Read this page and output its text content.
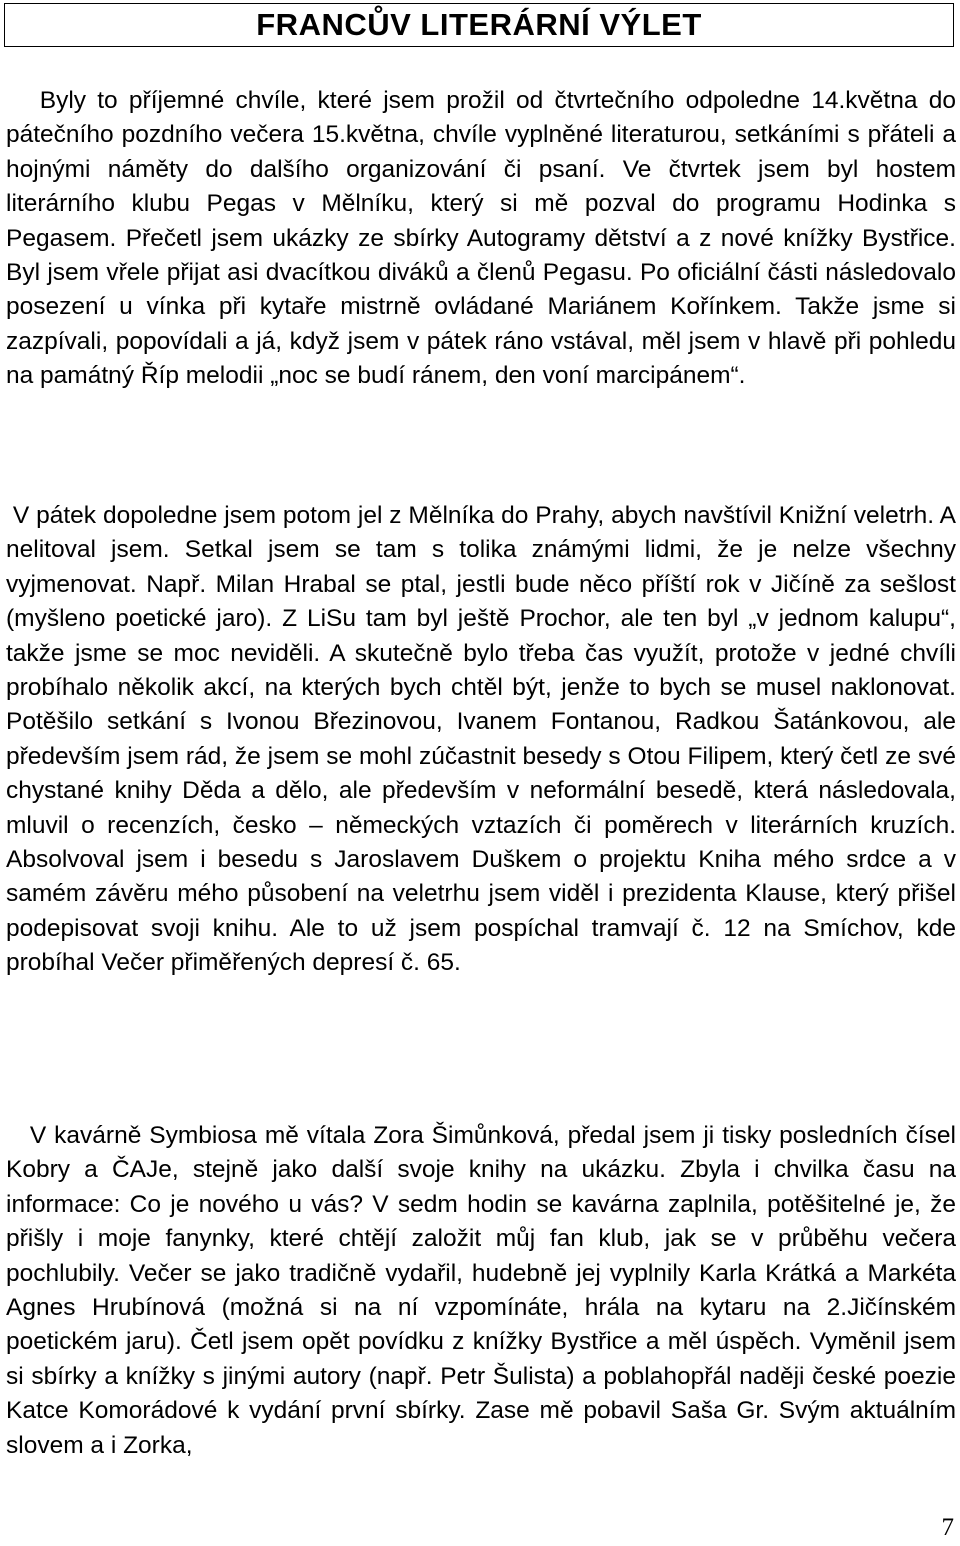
FRANCŮV LITERÁRNÍ VÝLET

Byly to příjemné chvíle, které jsem prožil od čtvrtečního odpoledne 14.května do pátečního pozdního večera 15.května, chvíle vyplněné literaturou, setkáními s přáteli a hojnými náměty do dalšího organizování či psaní. Ve čtvrtek jsem byl hostem literárního klubu Pegas v Mělníku, který si mě pozval do programu Hodinka s Pegasem. Přečetl jsem ukázky ze sbírky Autogramy dětství a z nové knížky Bystřice. Byl jsem vřele přijat asi dvacítkou diváků a členů Pegasu. Po oficiální části následovalo posezení u vínka při kytaře mistrně ovládané Mariánem Kořínkem. Takže jsme si zazpívali, popovídali a já, když jsem v pátek ráno vstával, měl jsem v hlavě při pohledu na památný Říp melodii „noc se budí ránem, den voní marcipánem“.

V pátek dopoledne jsem potom jel z Mělníka do Prahy, abych navštívil Knižní veletrh. A nelitoval jsem. Setkal jsem se tam s tolika známými lidmi, že je nelze všechny vyjmenovat. Např. Milan Hrabal se ptal, jestli bude něco příští rok v Jičíně za sešlost (myšleno poetické jaro). Z LiSu tam byl ještě Prochor, ale ten byl „v jednom kalupu“, takže jsme se moc neviděli. A skutečně bylo třeba čas využít, protože v jedné chvíli probíhalo několik akcí, na kterých bych chtěl být, jenže to bych se musel naklonovat. Potěšilo setkání s Ivonou Březinovou, Ivanem Fontanou, Radkou Šatánkovou, ale především jsem rád, že jsem se mohl zúčastnit besedy s Otou Filipem, který četl ze své chystané knihy Děda a dělo, ale především v neformální besedě, která následovala, mluvil o recenzích, česko – německých vztazích či poměrech v literárních kruzích. Absolvoval jsem i besedu s Jaroslavem Duškem o projektu Kniha mého srdce a v samém závěru mého působení na veletrhu jsem viděl i prezidenta Klause, který přišel podepisovat svoji knihu. Ale to už jsem pospíchal tramvají č. 12 na Smíchov, kde probíhal Večer přiměřených depresí č. 65.

V kavárně Symbiosa mě vítala Zora Šimůnková, předal jsem ji tisky posledních čísel Kobry a ČAJe, stejně jako další svoje knihy na ukázku. Zbyla i chvilka času na informace: Co je nového u vás? V sedm hodin se kavárna zaplnila, potěšitelné je, že přišly i moje fanynky, které chtějí založit můj fan klub, jak se v průběhu večera pochlubily. Večer se jako tradičně vydařil, hudebně jej vyplnily Karla Krátká a Markéta Agnes Hrubínová (možná si na ní vzpomínáte, hrála na kytaru na 2.Jičínském poetickém jaru). Četl jsem opět povídku z knížky Bystřice a měl úspěch. Vyměnil jsem si sbírky a knížky s jinými autory (např. Petr Šulista) a poblahopřál naději české poezie Katce Komorádové k vydání první sbírky. Zase mě pobavil Saša Gr. Svým aktuálním slovem a i Zorka,

7
